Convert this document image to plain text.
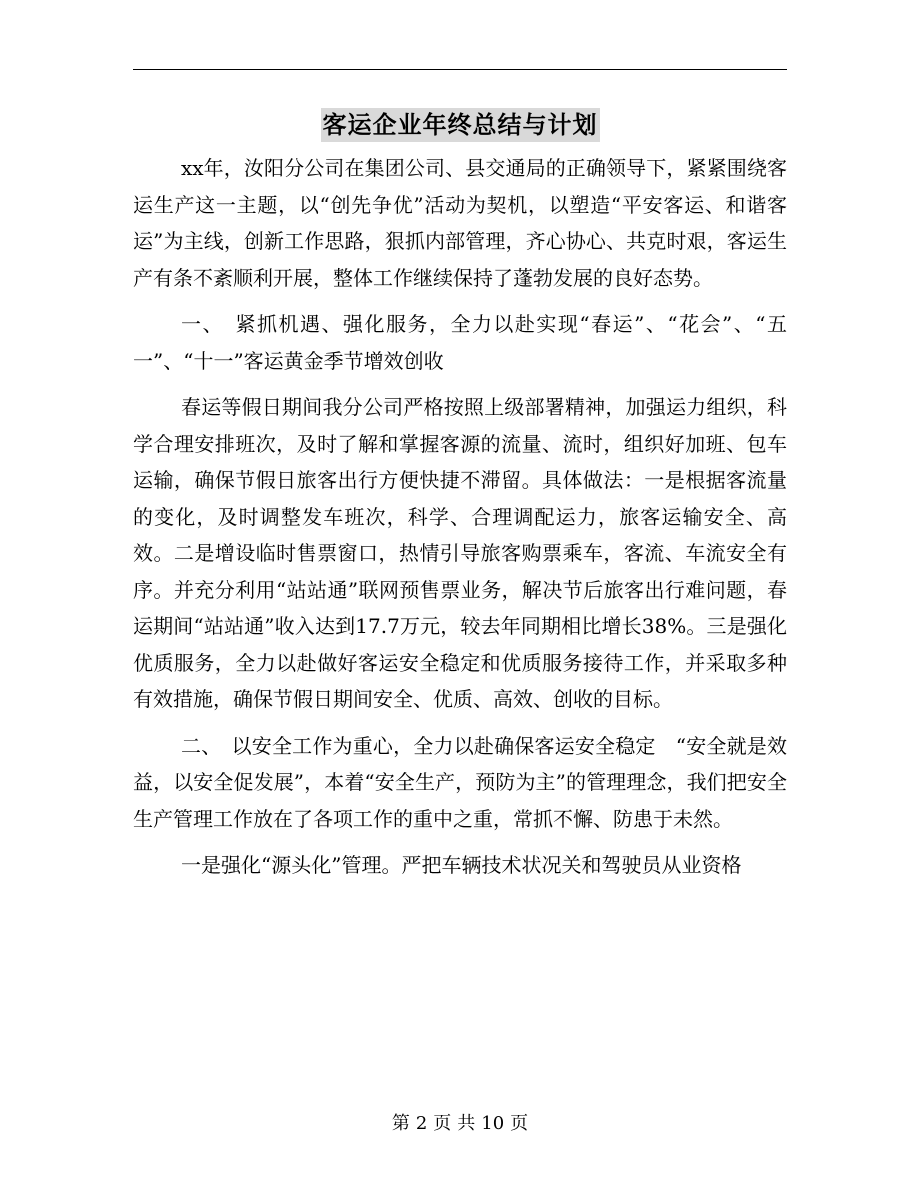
客运企业年终总结与计划

xx年，汝阳分公司在集团公司、县交通局的正确领导下，紧紧围绕客运生产这一主题，以“创先争优”活动为契机，以塑造“平安客运、和谐客运”为主线，创新工作思路，狠抓内部管理，齐心协心、共克时艰，客运生产有条不紊顺利开展，整体工作继续保持了蓬勃发展的良好态势。

一、　紧抓机遇、强化服务，全力以赴实现“春运”、“花会”、“五一”、“十一”客运黄金季节增效创收

春运等假日期间我分公司严格按照上级部署精神，加强运力组织，科学合理安排班次，及时了解和掌握客源的流量、流时，组织好加班、包车运输，确保节假日旅客出行方便快捷不滞留。具体做法：一是根据客流量的变化，及时调整发车班次，科学、合理调配运力，旅客运输安全、高效。二是增设临时售票窗口，热情引导旅客购票乘车，客流、车流安全有序。并充分利用“站站通”联网预售票业务，解决节后旅客出行难问题，春运期间“站站通”收入达到17.7万元，较去年同期相比增长38%。三是强化优质服务，全力以赴做好客运安全稳定和优质服务接待工作，并采取多种有效措施，确保节假日期间安全、优质、高效、创收的目标。

二、　以安全工作为重心，全力以赴确保客运安全稳定　“安全就是效益，以安全促发展”，本着“安全生产，预防为主”的管理理念，我们把安全生产管理工作放在了各项工作的重中之重，常抓不懈、防患于未然。

一是强化“源头化”管理。严把车辆技术状况关和驾驶员从业资格

第 2 页 共 10 页
